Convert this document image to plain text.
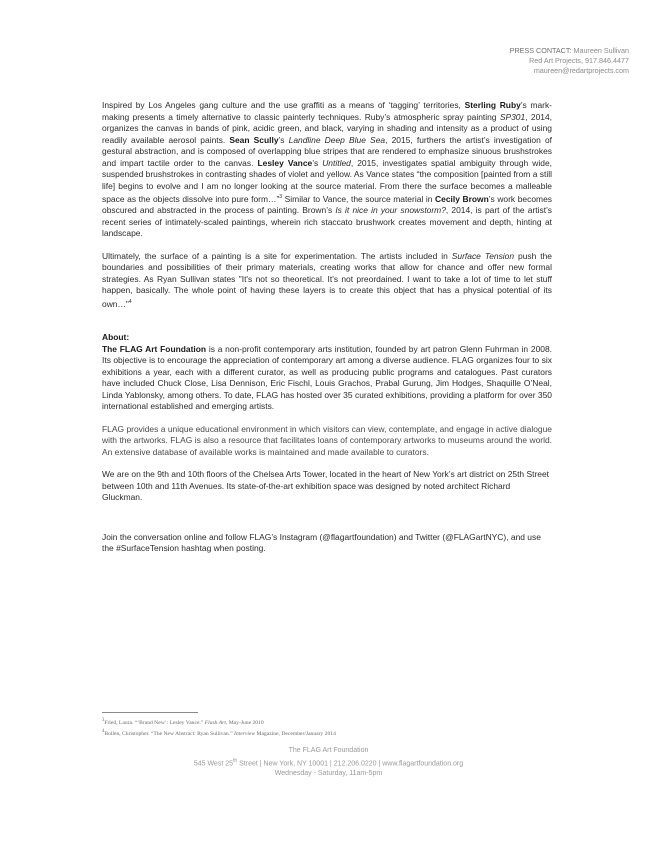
PRESS CONTACT: Maureen Sullivan
Red Art Projects, 917.846.4477
maureen@redartprojects.com

Inspired by Los Angeles gang culture and the use graffiti as a means of ‘tagging’ territories, Sterling Ruby’s mark-making presents a timely alternative to classic painterly techniques. Ruby’s atmospheric spray painting SP301, 2014, organizes the canvas in bands of pink, acidic green, and black, varying in shading and intensity as a product of using readily available aerosol paints. Sean Scully’s Landline Deep Blue Sea, 2015, furthers the artist’s investigation of gestural abstraction, and is composed of overlapping blue stripes that are rendered to emphasize sinuous brushstrokes and impart tactile order to the canvas. Lesley Vance’s Untitled, 2015, investigates spatial ambiguity through wide, suspended brushstrokes in contrasting shades of violet and yellow. As Vance states “the composition [painted from a still life] begins to evolve and I am no longer looking at the source material. From there the surface becomes a malleable space as the objects dissolve into pure form…”$^3$ Similar to Vance, the source material in Cecily Brown’s work becomes obscured and abstracted in the process of painting. Brown’s Is it nice in your snowstorm?, 2014, is part of the artist’s recent series of intimately-scaled paintings, wherein rich staccato brushwork creates movement and depth, hinting at landscape.

Ultimately, the surface of a painting is a site for experimentation. The artists included in Surface Tension push the boundaries and possibilities of their primary materials, creating works that allow for chance and offer new formal strategies. As Ryan Sullivan states "It's not so theoretical. It's not preordained. I want to take a lot of time to let stuff happen, basically. The whole point of having these layers is to create this object that has a physical potential of its own…"$^4$

About:

The FLAG Art Foundation is a non-profit contemporary arts institution, founded by art patron Glenn Fuhrman in 2008. Its objective is to encourage the appreciation of contemporary art among a diverse audience. FLAG organizes four to six exhibitions a year, each with a different curator, as well as producing public programs and catalogues. Past curators have included Chuck Close, Lisa Dennison, Eric Fischl, Louis Grachos, Prabal Gurung, Jim Hodges, Shaquille O’Neal, Linda Yablonsky, among others. To date, FLAG has hosted over 35 curated exhibitions, providing a platform for over 350 international established and emerging artists.

FLAG provides a unique educational environment in which visitors can view, contemplate, and engage in active dialogue with the artworks. FLAG is also a resource that facilitates loans of contemporary artworks to museums around the world. An extensive database of available works is maintained and made available to curators.

We are on the 9th and 10th floors of the Chelsea Arts Tower, located in the heart of New York’s art district on 25th Street between 10th and 11th Avenues. Its state-of-the-art exhibition space was designed by noted architect Richard Gluckman.

Join the conversation online and follow FLAG’s Instagram (@flagartfoundation) and Twitter (@FLAGartNYC), and use the #SurfaceTension hashtag when posting.

$^3$Fried, Laura. “‘Brand New’: Lesley Vance.” Flash Art, May-June 2010
$^4$Bollen, Christopher. “The New Abstract: Ryan Sullivan.” Interview Magazine, December/January 2014
The FLAG Art Foundation
545 West 25th Street | New York, NY 10001 | 212.206.0220 | www.flagartfoundation.org
Wednesday - Saturday, 11am-5pm
